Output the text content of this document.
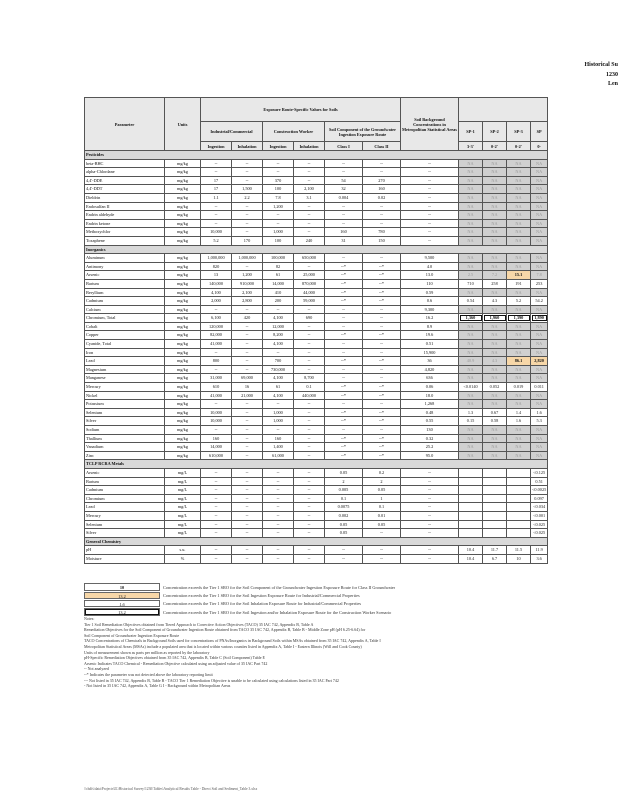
Historical Su
1230
Len
Parameter	Units	Exposure Route-Specific Values for Soils						Soil Background Concentrations in Metropolitan Statistical Areas				
		Industrial/Commercial		Construction Worker		Soil Component of the Groundwater Ingestion Exposure Route			SP-1	SP-2	SP-3	SP
		Ingestion	Inhalation	Ingestion	Inhalation	Class I	Class II		3-3'	0-2'	0-2'	0-
Pesticides												
beta-BHC	mg/kg	--	--	--	--	--	--	--	NA	NA	NA	NA
alpha-Chlordane	mg/kg	--	--	--	--	--	--	--	NA	NA	NA	NA
4,4'-DDE	mg/kg	17	--	370	--	54	270	--	NA	NA	NA	NA
4,4'-DDT	mg/kg	17	1,500	100	2,100	32	160	--	NA	NA	NA	NA
Dieldrin	mg/kg	1.1	2.2	7.8	3.1	0.004	0.02	--	NA	NA	NA	NA
Endosulfan II	mg/kg	--	--	1,200	--	--	--	--	NA	NA	NA	NA
Endrin aldehyde	mg/kg	--	--	--	--	--	--	--	NA	NA	NA	NA
Endrin ketone	mg/kg	--	--	--	--	--	--	--	NA	NA	NA	NA
Methoxychlor	mg/kg	10,000	--	1,000	--	160	780	--	NA	NA	NA	NA
Toxaphene	mg/kg	5.2	170	100	240	31	150	--	NA	NA	NA	NA
Inorganics												
Aluminum	mg/kg	1,000,000	1,000,000	100,000	650,000	--	--	9,500	NA	NA	NA	NA
Antimony	mg/kg	820	--	82	--	--*	--*	4.0	NA	NA	NA	NA
Arsenic	mg/kg	13	1,200	61	25,000	--*	--*	13.0	2.5	7.2	15.1	7.8
Barium	mg/kg	140,000	910,000	14,000	870,000	--*	--*	110	710	258	191	253
Beryllium	mg/kg	4,100	2,100	410	44,000	--*	--*	0.59	NA	NA	NA	NA
Cadmium	mg/kg	2,000	2,800	200	59,000	--*	--*	0.6	0.54	4.3	5.2	54.2
Calcium	mg/kg	--	--	--	--	--	--	9,300	NA	NA	NA	NA
Chromium, Total	mg/kg	6,100	420	4,100	690	--	--	16.2	1,360	1,960	1,390	1,890
Cobalt	mg/kg	120,000	--	12,000	--	--	--	8.9	NA	NA	NA	NA
Copper	mg/kg	82,000	--	8,200	--	--*	--*	19.6	NA	NA	NA	NA
Cyanide, Total	mg/kg	41,000	--	4,100	--	--	--	0.51	NA	NA	NA	NA
Iron	mg/kg	--	--	--	--	--	--	15,900	NA	NA	NA	NA
Lead	mg/kg	800	--	700	--	--*	--*	36	40.9	4.3	86.1	2,820
Magnesium	mg/kg	--	--	730,000	--	--	--	4,820	NA	NA	NA	NA
Manganese	mg/kg	31,000	69,000	4,100	8,700	--	--	636	NA	NA	NA	NA
Mercury	mg/kg	610	16	61	0.1	--*	--*	0.06	<0.0140	0.052	0.019	0.011
Nickel	mg/kg	41,000	21,000	4,100	440,000	--*	--*	18.0	NA	NA	NA	NA
Potassium	mg/kg	--	--	--	--	--	--	1,268	NA	NA	NA	NA
Selenium	mg/kg	10,000	--	1,000	--	--*	--*	0.48	1.3	0.67	1.4	1.6
Silver	mg/kg	10,000	--	1,000	--	--*	--*	0.55	0.15	0.58	1.6	5.3
Sodium	mg/kg	--	--	--	--	--	--	130	NA	NA	NA	NA
Thallium	mg/kg	160	--	160	--	--*	--*	0.32	NA	NA	NA	NA
Vanadium	mg/kg	14,000	--	1,400	--	--*	--*	25.2	NA	NA	NA	NA
Zinc	mg/kg	610,000	--	61,000	--	--*	--*	95.0	NA	NA	NA	NA
TCLP RCRA Metals												
Arsenic	mg/L	--	--	--	--	0.05	0.2	--				<0.125
Barium	mg/L	--	--	--	--	2	2	--				0.51
Cadmium	mg/L	--	--	--	--	0.005	0.05	--				<0.0025
Chromium	mg/L	--	--	--	--	0.1	1	--				0.097
Lead	mg/L	--	--	--	--	0.0075	0.1	--				<0.034
Mercury	mg/L	--	--	--	--	0.002	0.01	--				<0.001
Selenium	mg/L	--	--	--	--	0.05	0.05	--				<0.025
Silver	mg/L	--	--	--	--	0.05	--	--				<0.025
General Chemistry												
pH	s.u.	--	--	--	--	--	--	--	10.4	11.7	11.5	11.9
Moisture	%	--	--	--	--	--	--	--	10.4	6.7	10	3.6
10	Concentration exceeds the Tier 1 SRO for the Soil Component of the Groundwater Ingestion Exposure Route for Class II Groundwater
13.2	Concentration exceeds the Tier 1 SRO for the Soil Ingestion Exposure Route for Industrial/Commercial Properties
1.6	Concentration exceeds the Tier 1 SRO for the Soil Inhalation Exposure Route for Industrial/Commercial Properties
13.2	Concentration exceeds the Tier 1 SRO for the Soil Ingestion and/or Inhalation Exposure Route for the Construction Worker Scenario
Notes:
Tier 1 Soil Remediation Objectives obtained from Tiered Approach to Corrective Action Objectives (TACO) 35 IAC 742, Appendix B, Table A
Remediation Objectives for the Soil Component of Groundwater Ingestion Route obtained from TACO 35 IAC 742, Appendix B, Table B - Middle Zone pH (pH 6.25-6.64) for
Soil Component of Groundwater Ingestion Exposure Route
TACO Concentrations of Chemicals in Background Soils used for concentrations of PNAs/Inorganics in Background Soils within MSAs obtained from 35 IAC 742, Appendix A, Table I
Metropolitan Statistical Areas (MSAs) include a populated area that is located within various counties listed in Appendix A, Table I - Eastern Illinois (Will and Cook County)
Units of measurement shown as parts per million as reported by the laboratory
pH-Specific Remediation Objectives obtained from 35 IAC 742, Appendix B, Table C (Soil Component) Table E
Arsenic Indicates TACO Chemical - Remediation Objective calculated using an adjusted value of 35 IAC Part 742
-- Not analyzed
--* Indicates the parameter was not detected above the laboratory reporting limit
--- Not listed in 35 IAC 742, Appendix B, Table B - TACO Tier 1 Remediation Objective is unable to be calculated using calculations listed in 35 IAC Part 742
- Not listed in 35 IAC 742, Appendix A, Table G I - Background within Metropolitan Areas
\\chdfs\data\Projects\IL\Historical Survey\1230\Tables\Analytical Results Table - Direct Soil and Sediment_Table 3.xlsx
